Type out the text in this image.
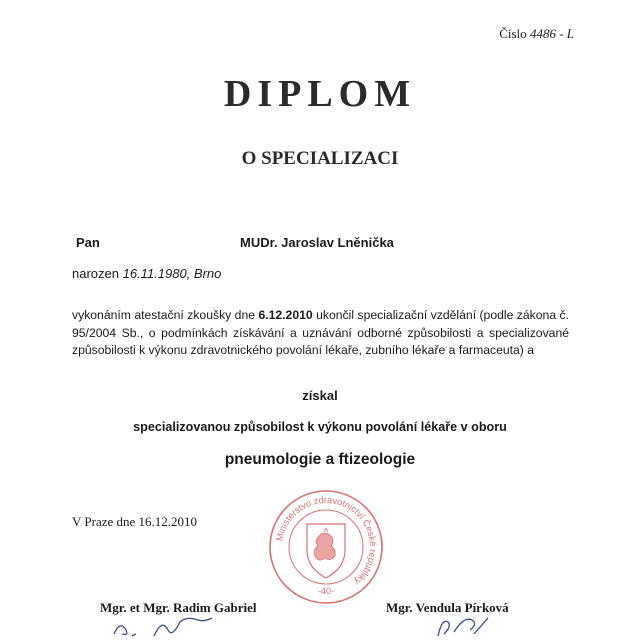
Číslo 4486 - L
DIPLOM
O SPECIALIZACI
Pan	MUDr. Jaroslav Lněnička
narozen 16.11.1980, Brno
vykonáním atestační zkoušky dne 6.12.2010 ukončil specializační vzdělání (podle zákona č. 95/2004 Sb., o podmínkách získávání a uznávání odborné způsobilosti a specializované způsobilosti k výkonu zdravotnického povolání lékaře, zubního lékaře a farmaceuta) a
získal
specializovanou způsobilost k výkonu povolání lékaře v oboru
pneumologie a ftizeologie
V Praze dne 16.12.2010
Ministerstvo zdravotnictví České republiky
-40-
Mgr. et Mgr. Radim Gabriel	Mgr. Vendula Pírková
